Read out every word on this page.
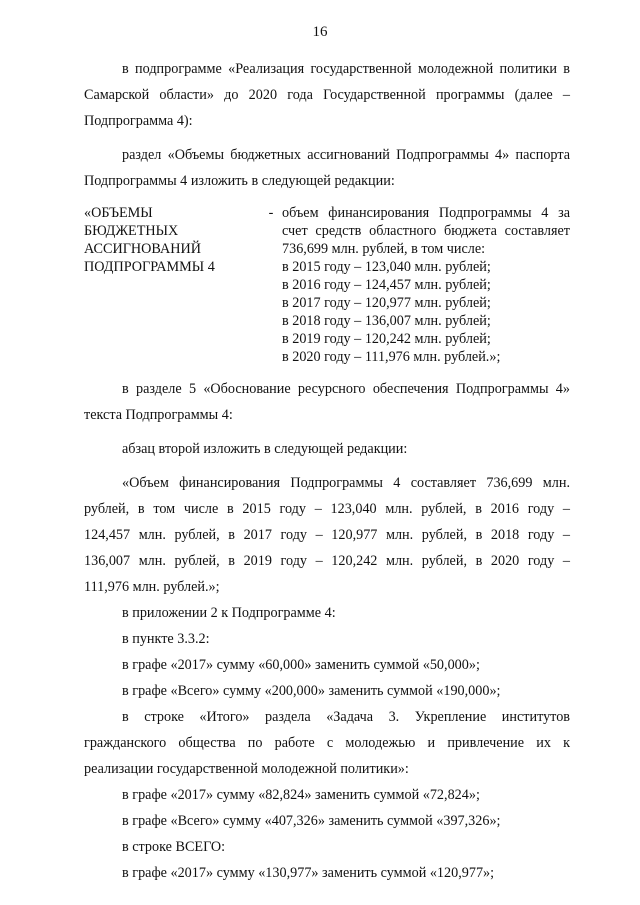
16

в подпрограмме «Реализация государственной молодежной политики в

Самарской области» до 2020 года Государственной программы (далее –

Подпрограмма 4):

раздел «Объемы бюджетных ассигнований Подпрограммы 4» паспорта

Подпрограммы 4 изложить в следующей редакции:

«ОБЪЕМЫ
БЮДЖЕТНЫХ
АССИГНОВАНИЙ
ПОДПРОГРАММЫ 4
- объем финансирования Подпрограммы 4 за
счет средств областного бюджета составляет
736,699 млн. рублей, в том числе:
в 2015 году – 123,040 млн. рублей;
в 2016 году – 124,457 млн. рублей;
в 2017 году – 120,977 млн. рублей;
в 2018 году – 136,007 млн. рублей;
в 2019 году – 120,242 млн. рублей;
в 2020 году – 111,976 млн. рублей.»;

в разделе 5 «Обоснование ресурсного обеспечения Подпрограммы 4»

текста Подпрограммы 4:

абзац второй изложить в следующей редакции:

«Объем финансирования Подпрограммы 4 составляет 736,699 млн.

рублей, в том числе в 2015 году – 123,040 млн. рублей, в 2016 году –

124,457 млн. рублей, в 2017 году – 120,977 млн. рублей, в 2018 году –

136,007 млн. рублей, в 2019 году – 120,242 млн. рублей, в 2020 году –

111,976 млн. рублей.»;

в приложении 2 к Подпрограмме 4:

в пункте 3.3.2:

в графе «2017» сумму «60,000» заменить суммой «50,000»;

в графе «Всего» сумму «200,000» заменить суммой «190,000»;

в строке «Итого» раздела «Задача 3. Укрепление институтов

гражданского общества по работе с молодежью и привлечение их к

реализации государственной молодежной политики»:

в графе «2017» сумму «82,824» заменить суммой «72,824»;

в графе «Всего» сумму «407,326» заменить суммой «397,326»;

в строке ВСЕГО:

в графе «2017» сумму «130,977» заменить суммой «120,977»;
